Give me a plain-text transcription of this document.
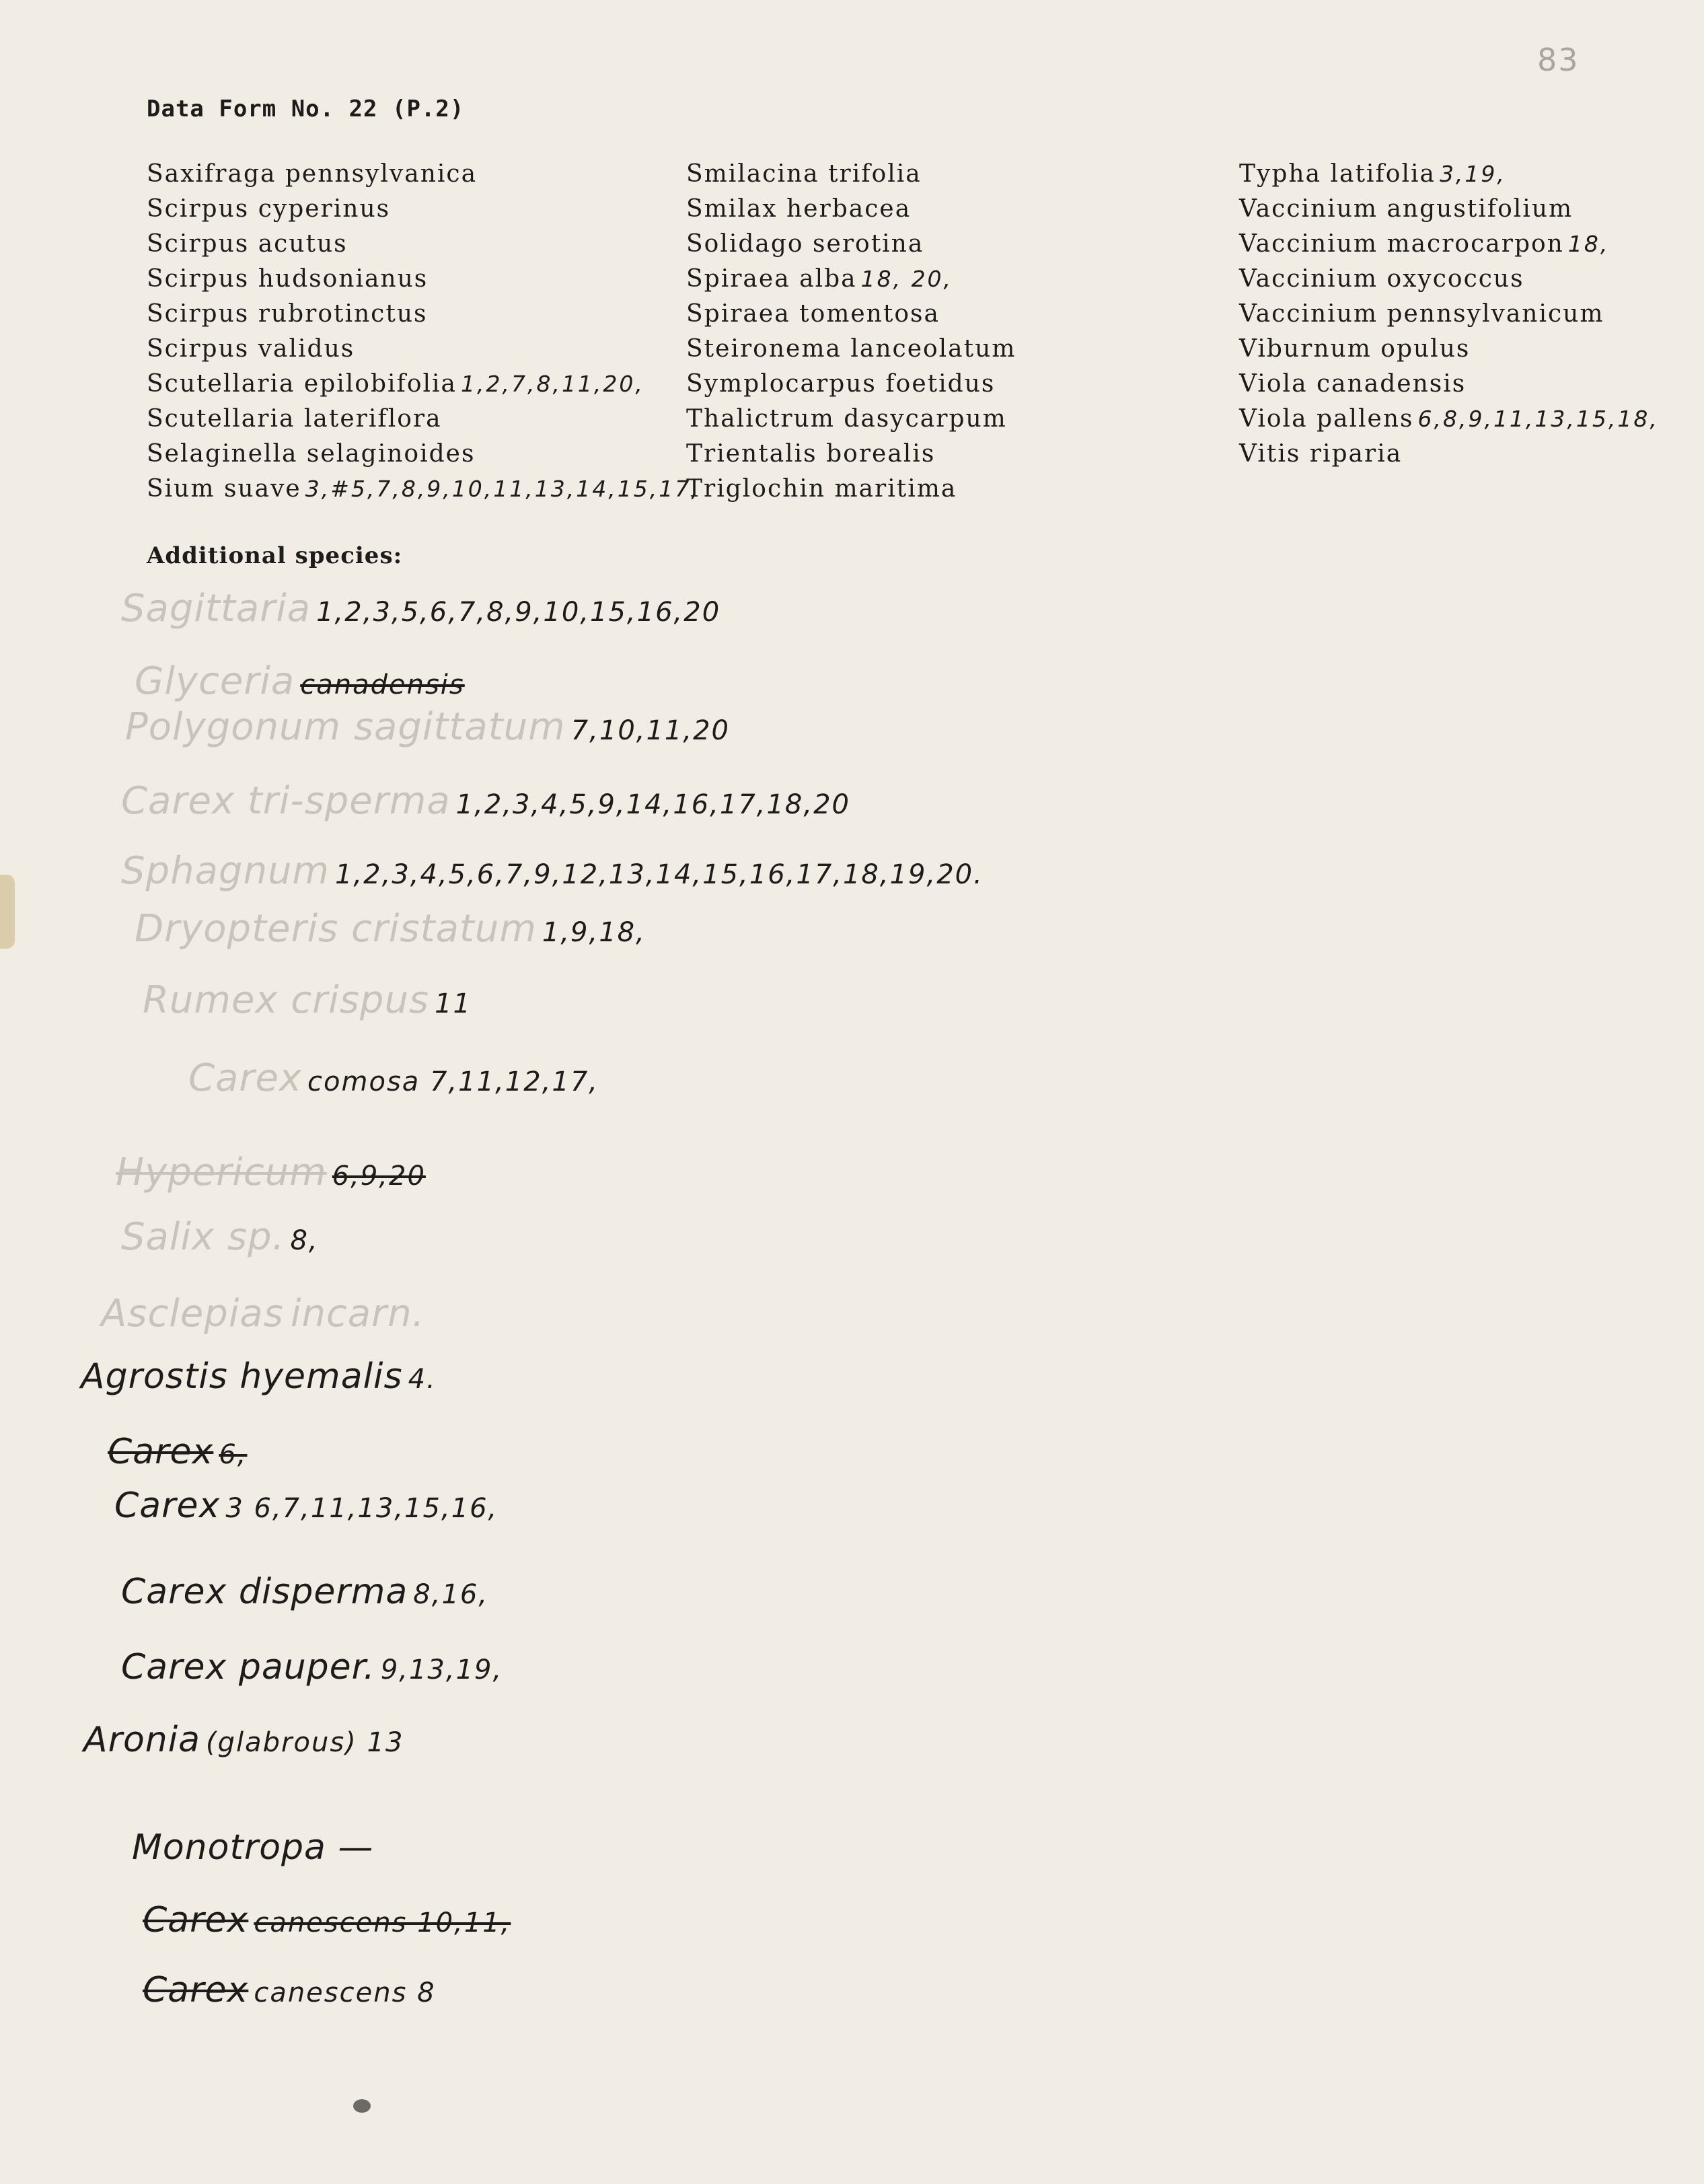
83
Data Form No. 22 (P.2)
Saxifraga pennsylvanica
Scirpus cyperinus
Scirpus acutus
Scirpus hudsonianus
Scirpus rubrotinctus
Scirpus validus
Scutellaria epilobifolia 1,2,7,8,11,20,
Scutellaria lateriflora
Selaginella selaginoides
Sium suave 3,#5,7,8,9,10,11,13,14,15,17,
Smilacina trifolia
Smilax herbacea
Solidago serotina
Spiraea alba 18, 20,
Spiraea tomentosa
Steironema lanceolatum
Symplocarpus foetidus
Thalictrum dasycarpum
Trientalis borealis
Triglochin maritima
Typha latifolia 3,19,
Vaccinium angustifolium
Vaccinium macrocarpon 18,
Vaccinium oxycoccus
Vaccinium pennsylvanicum
Viburnum opulus
Viola canadensis
Viola pallens 6,8,9,11,13,15,18,
Vitis riparia
Additional species:
Sagittaria 1,2,3,5,6,7,8,9,10,15,16,20
Glyceria canadensis
Polygonum sagittatum 7,10,11,20
Carex tri-sperma 1,2,3,4,5,9,14,16,17,18,20
Sphagnum 1,2,3,4,5,6,7,9,12,13,14,15,16,17,18,19,20.
Dryopteris cristatum 1,9,18,
Rumex crispus 11
Carex comosa 7,11,12,17,
Hypericum 6,9,20
Salix sp. 8,
Asclepias incarn.
Agrostis hyemalis 4.
Carex 6,
Carex 3 6,7,11,13,15,16,
Carex disperma 8,16,
Carex pauper. 9,13,19,
Aronia (glabrous) 13
Monotropa —
Carex canescens 10,11,
Carex canescens 8
